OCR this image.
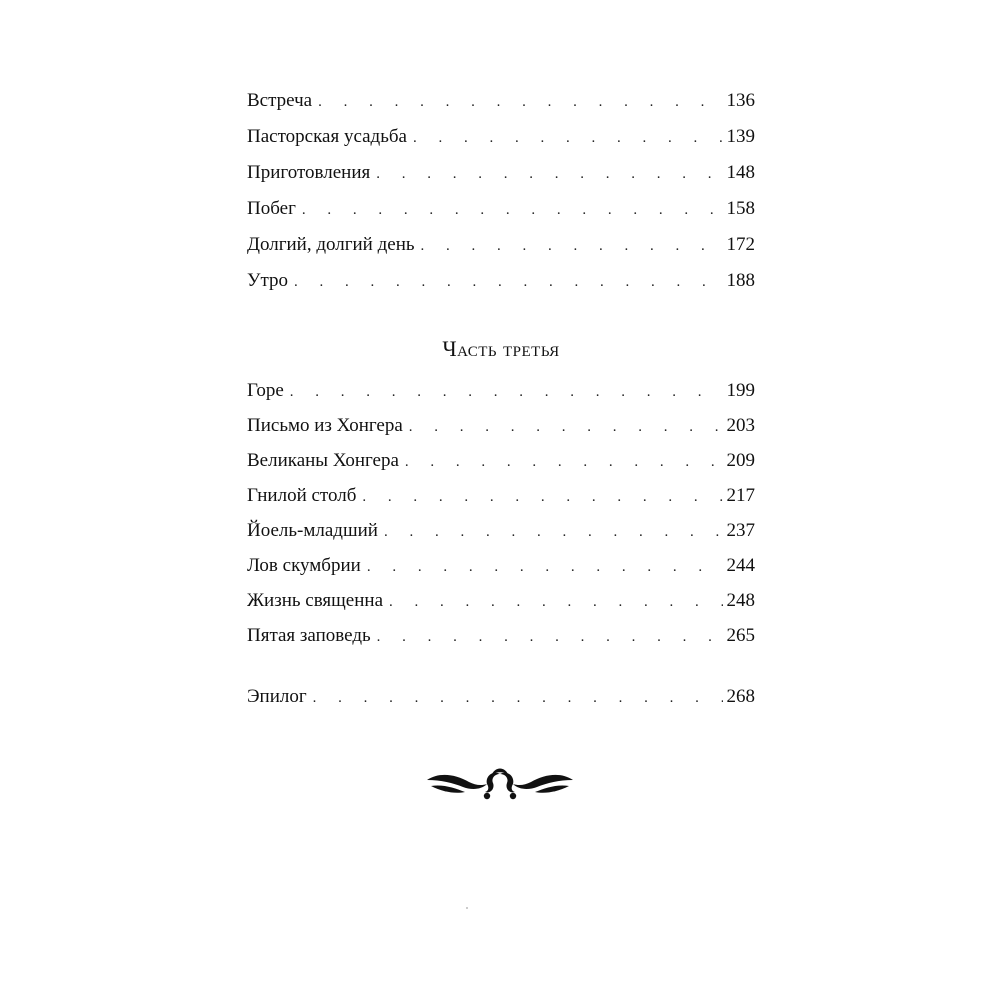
Встреча . . .	136
Пасторская усадьба . . .	139
Приготовления . . .	148
Побег . . .	158
Долгий, долгий день . . .	172
Утро . . .	188
Часть третья
Горе . . .	199
Письмо из Хонгера . . .	203
Великаны Хонгера . . .	209
Гнилой столб . . .	217
Йоель-младший . . .	237
Лов скумбрии . . .	244
Жизнь священна . . .	248
Пятая заповедь . . .	265
Эпилог . . .	268
